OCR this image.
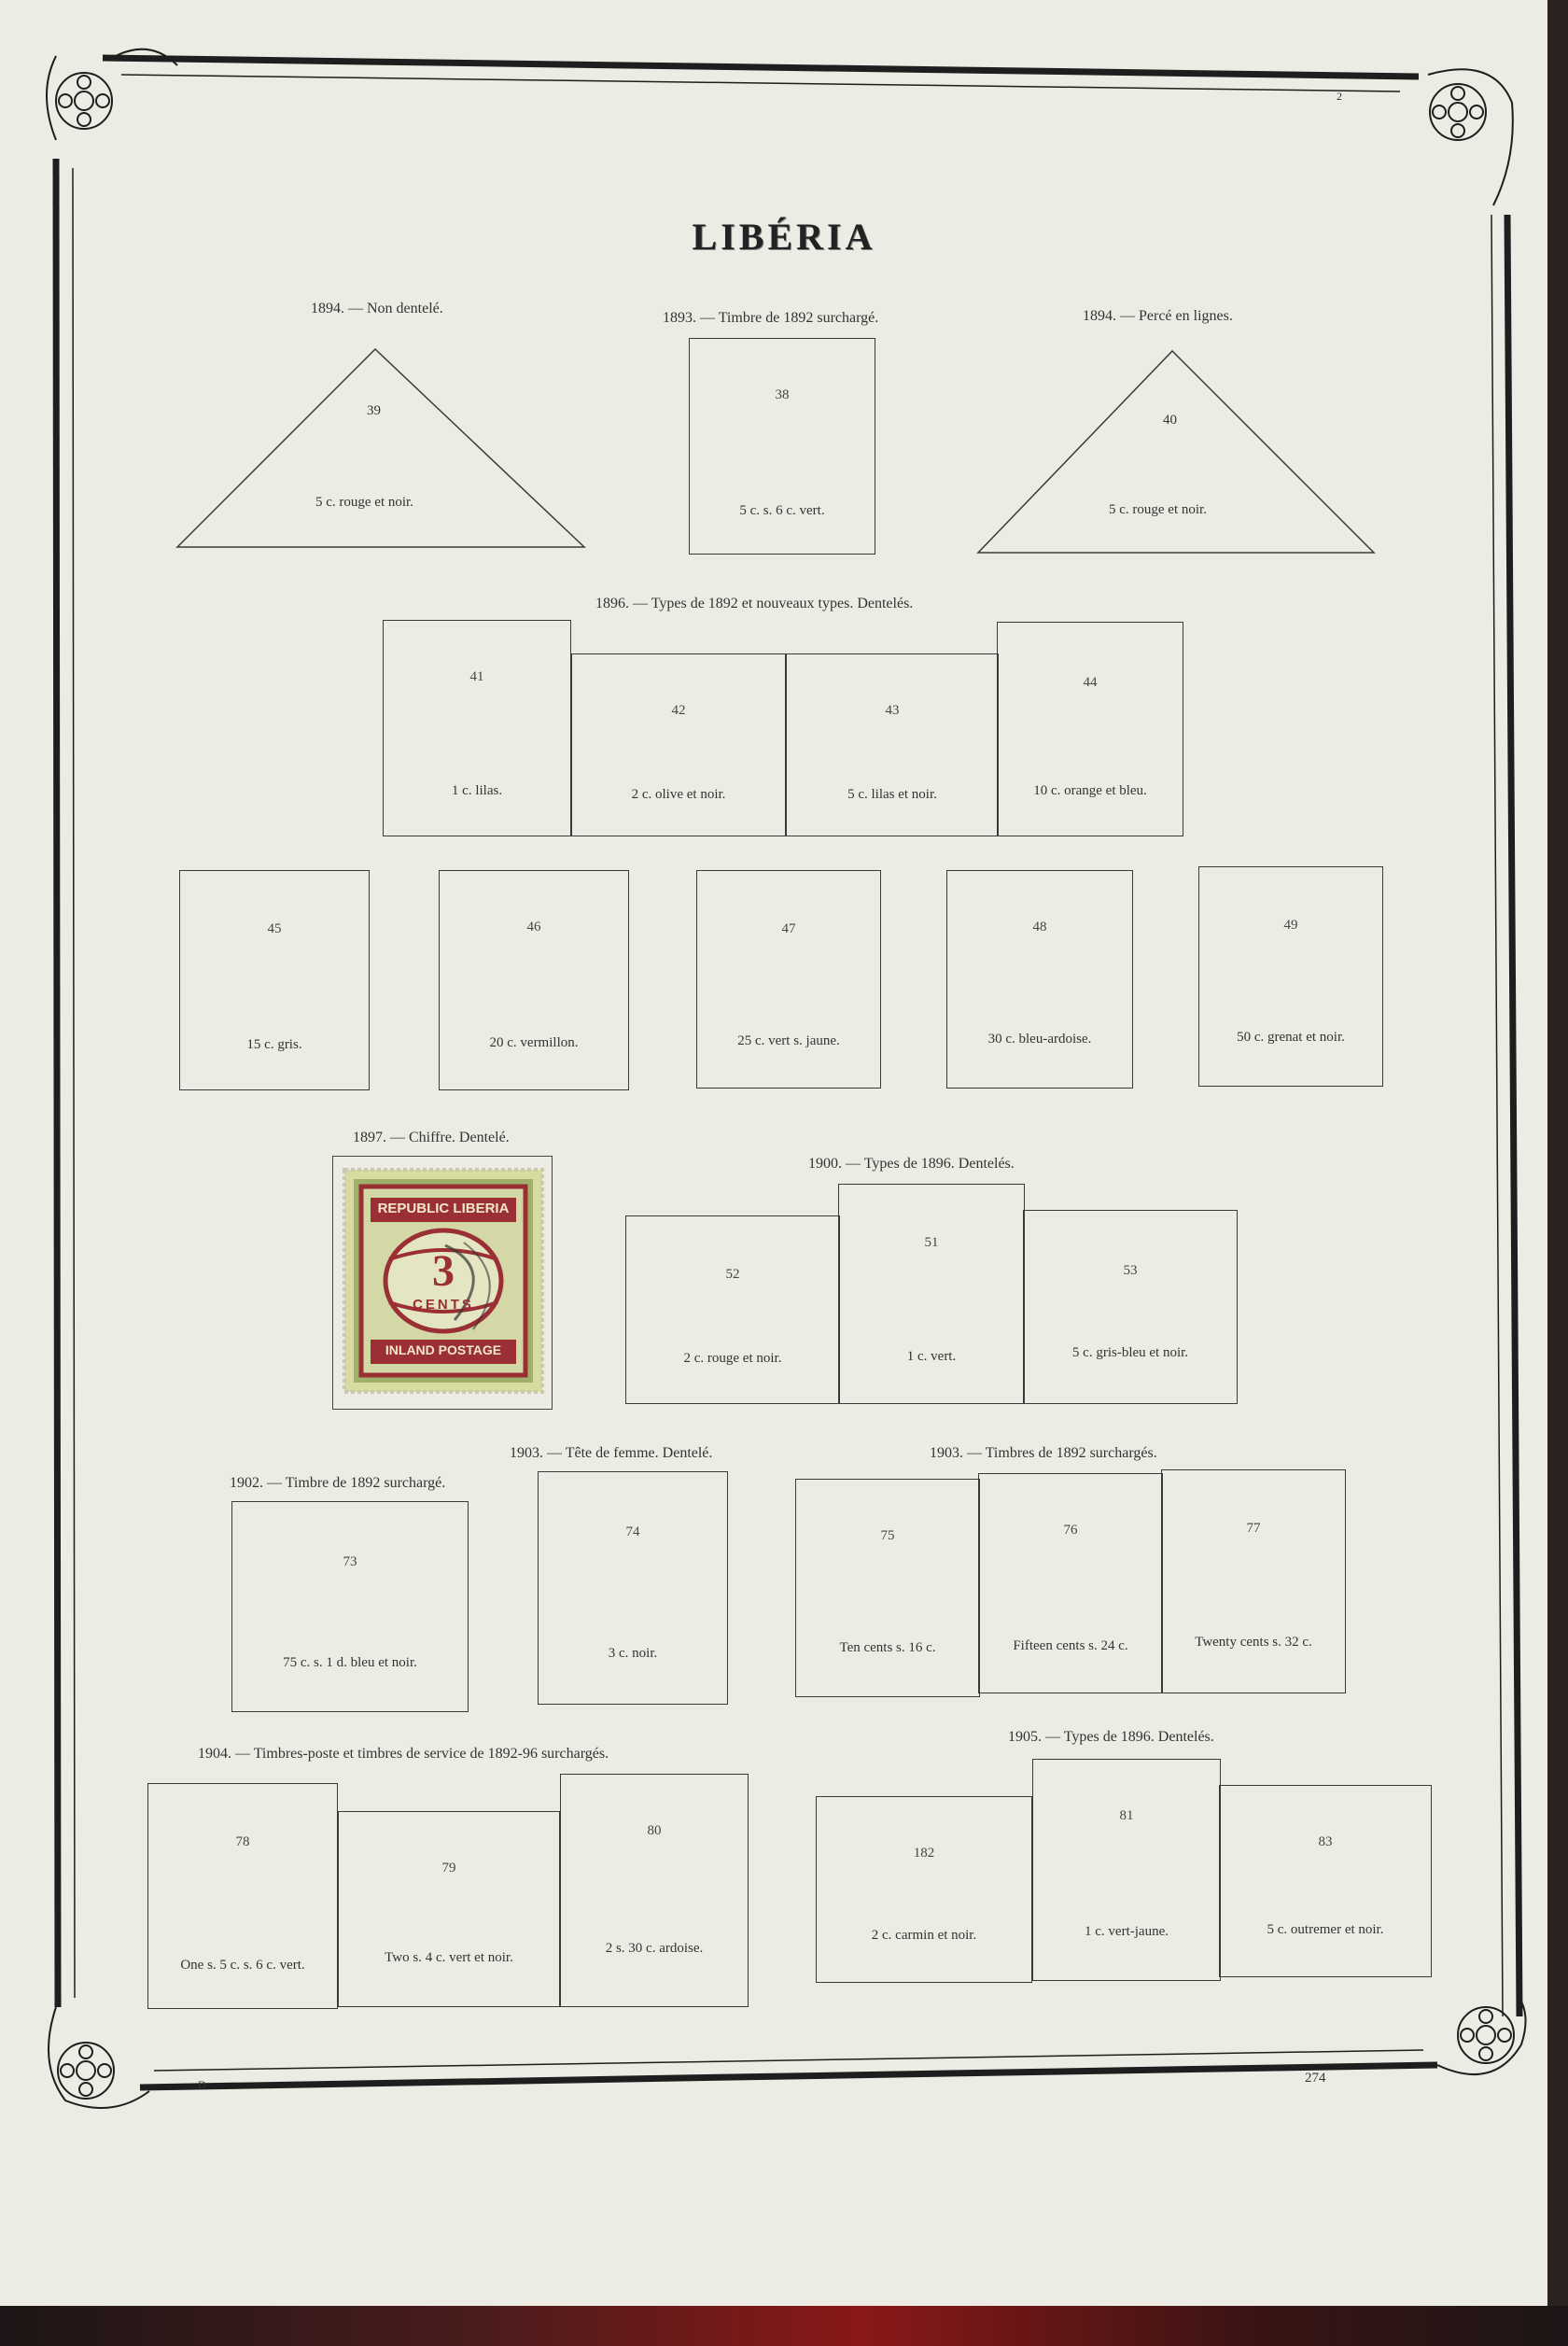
2
LIBÉRIA
1894. — Non dentelé.
39
5 c. rouge et noir.
1893. — Timbre de 1892 surchargé.
38
5 c. s. 6 c. vert.
1894. — Percé en lignes.
40
5 c. rouge et noir.
1896. — Types de 1892 et nouveaux types. Dentelés.
41
1 c. lilas.
42
2 c. olive et noir.
43
5 c. lilas et noir.
44
10 c. orange et bleu.
45
15 c. gris.
46
20 c. vermillon.
47
25 c. vert s. jaune.
48
30 c. bleu-ardoise.
49
50 c. grenat et noir.
1897. — Chiffre. Dentelé.
REPUBLIC LIBERIA
3
CENTS
INLAND POSTAGE
1900. — Types de 1896. Dentelés.
52
2 c. rouge et noir.
51
1 c. vert.
53
5 c. gris-bleu et noir.
1902. — Timbre de 1892 surchargé.
73
75 c. s. 1 d. bleu et noir.
1903. — Tête de femme. Dentelé.
74
3 c. noir.
1903. — Timbres de 1892 surchargés.
75
Ten cents s. 16 c.
76
Fifteen cents s. 24 c.
77
Twenty cents s. 32 c.
1904. — Timbres-poste et timbres de service de 1892-96 surchargés.
78
One s. 5 c. s. 6 c. vert.
79
Two s. 4 c. vert et noir.
80
2 s. 30 c. ardoise.
1905. — Types de 1896. Dentelés.
182
2 c. carmin et noir.
81
1 c. vert-jaune.
83
5 c. outremer et noir.
D	274
